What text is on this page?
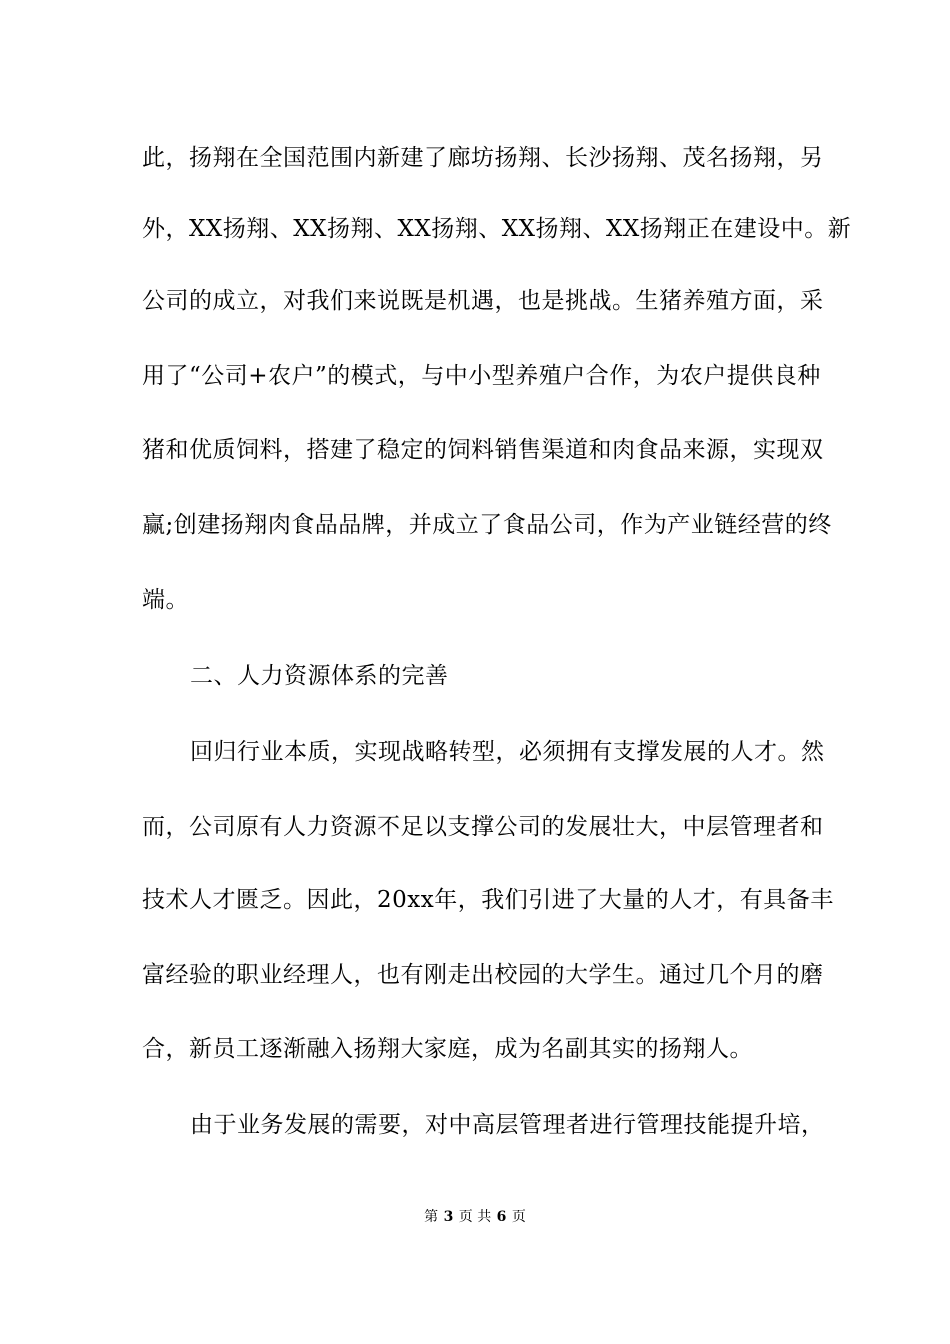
此，扬翔在全国范围内新建了廊坊扬翔、长沙扬翔、茂名扬翔，另
外，XX扬翔、XX扬翔、XX扬翔、XX扬翔、XX扬翔正在建设中。新
公司的成立，对我们来说既是机遇，也是挑战。生猪养殖方面，采
用了“公司+农户”的模式，与中小型养殖户合作，为农户提供良种
猪和优质饲料，搭建了稳定的饲料销售渠道和肉食品来源，实现双
赢;创建扬翔肉食品品牌，并成立了食品公司，作为产业链经营的终
端。
二、人力资源体系的完善
回归行业本质，实现战略转型，必须拥有支撑发展的人才。然
而，公司原有人力资源不足以支撑公司的发展壮大，中层管理者和
技术人才匮乏。因此，20xx年，我们引进了大量的人才，有具备丰
富经验的职业经理人，也有刚走出校园的大学生。通过几个月的磨
合，新员工逐渐融入扬翔大家庭，成为名副其实的扬翔人。
由于业务发展的需要，对中高层管理者进行管理技能提升培，
第 3 页 共 6 页
